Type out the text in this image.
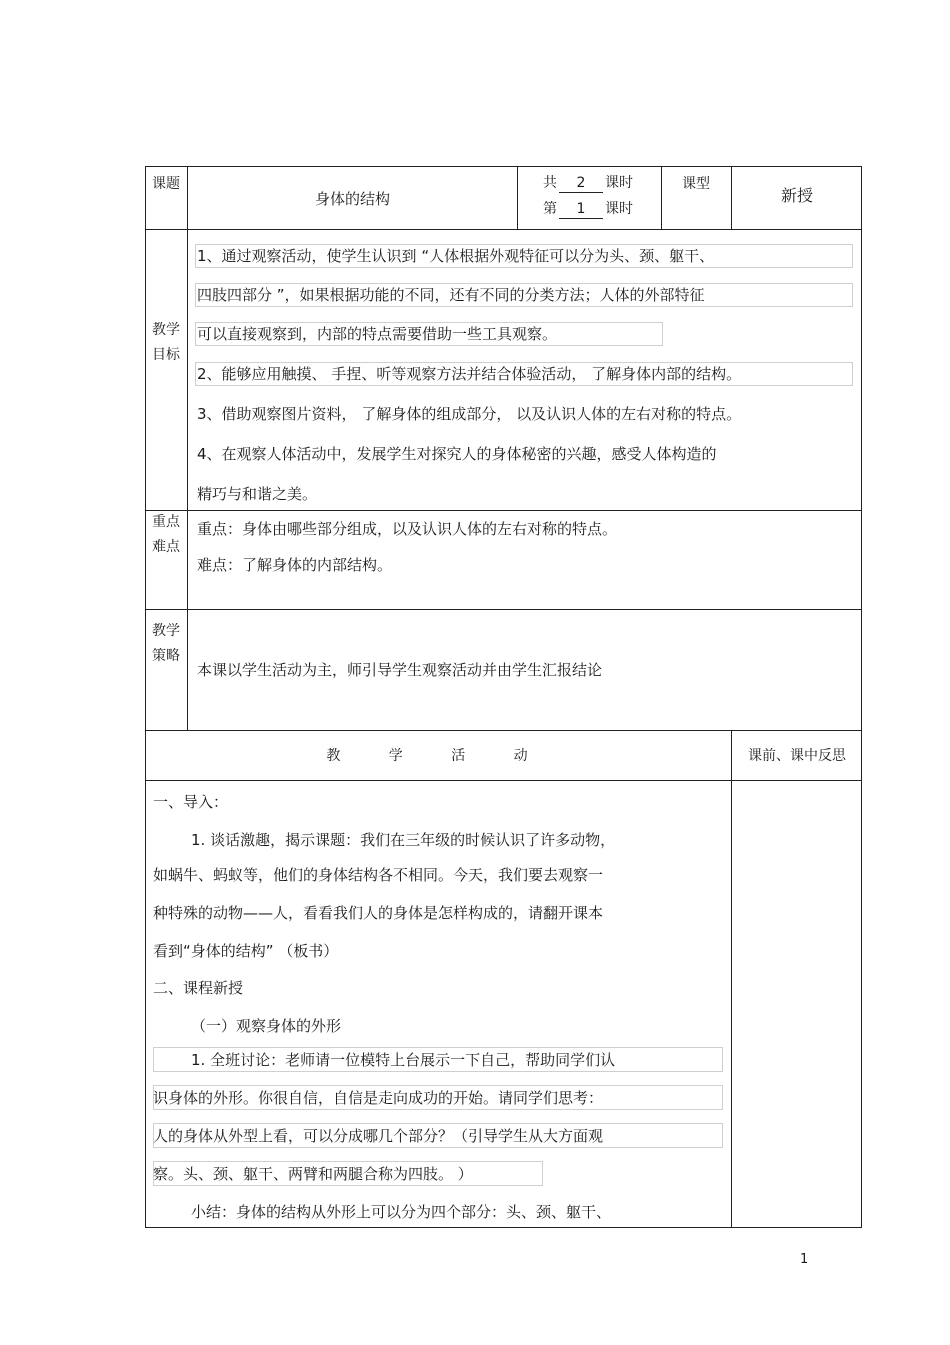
课题
身体的结构
共 2 课时
第 1 课时
课型
新授
教学目标
1、通过观察活动，使学生认识到 “人体根据外观特征可以分为头、颈、躯干、
四肢四部分 ”，如果根据功能的不同，还有不同的分类方法；人体的外部特征
可以直接观察到，内部的特点需要借助一些工具观察。
2、能够应用触摸、 手捏、听等观察方法并结合体验活动， 了解身体内部的结构。
3、借助观察图片资料， 了解身体的组成部分， 以及认识人体的左右对称的特点。
4、在观察人体活动中，发展学生对探究人的身体秘密的兴趣，感受人体构造的
精巧与和谐之美。
重点难点
重点：身体由哪些部分组成，以及认识人体的左右对称的特点。
难点：了解身体的内部结构。
教学策略
本课以学生活动为主，师引导学生观察活动并由学生汇报结论
教 学 活 动	课前、课中反思
一、导入：
1. 谈话激趣，揭示课题：我们在三年级的时候认识了许多动物，
如蜗牛、蚂蚁等，他们的身体结构各不相同。今天，我们要去观察一
种特殊的动物——人，看看我们人的身体是怎样构成的，请翻开课本
看到“身体的结构” （板书）
二、课程新授
（一）观察身体的外形
1. 全班讨论：老师请一位模特上台展示一下自己，帮助同学们认
识身体的外形。你很自信，自信是走向成功的开始。请同学们思考：
人的身体从外型上看，可以分成哪几个部分？（引导学生从大方面观
察。头、颈、躯干、两臂和两腿合称为四肢。 ）
小结：身体的结构从外形上可以分为四个部分：头、颈、躯干、
1
